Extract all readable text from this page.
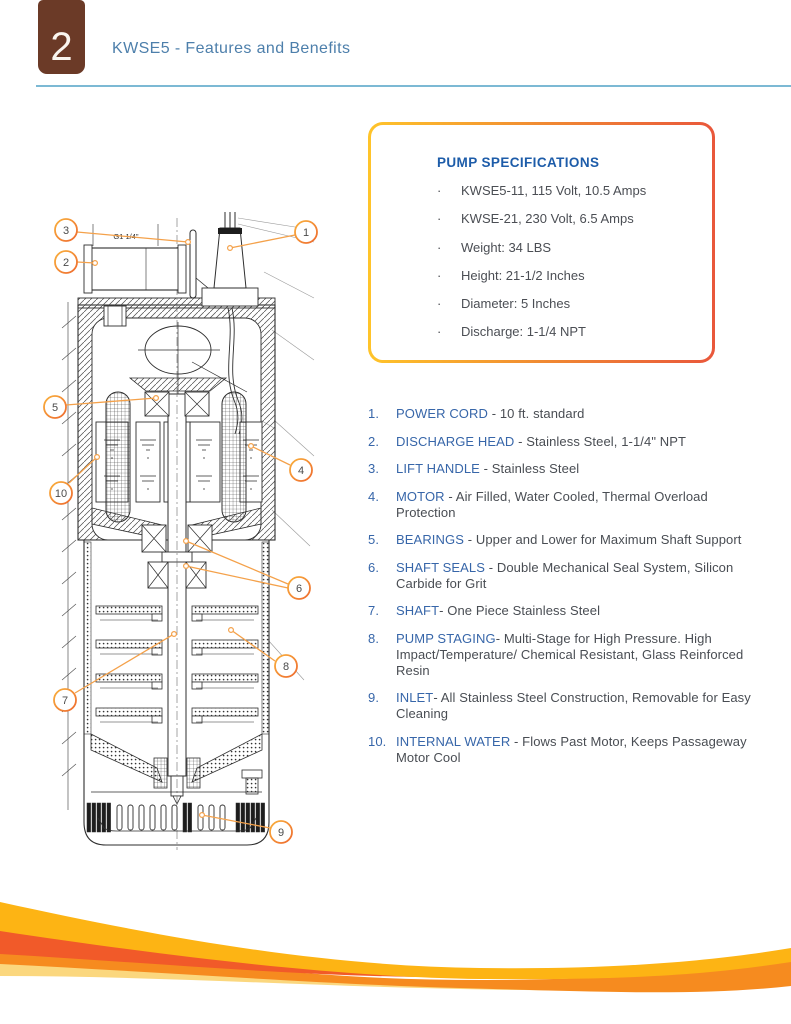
2 KWSE5 - Features and Benefits
G1 1/4"	1
2
3
4
5
6
7
8
9
10
PUMP SPECIFICATIONS
·	KWSE5-11, 115 Volt, 10.5 Amps
·	KWSE-21, 230 Volt, 6.5 Amps
·	Weight: 34 LBS
·	Height: 21-1/2 Inches
·	Diameter: 5 Inches
·	Discharge: 1-1/4 NPT
1.	POWER CORD - 10 ft. standard
2.	DISCHARGE HEAD - Stainless Steel, 1-1/4" NPT
3.	LIFT HANDLE - Stainless Steel
4.	MOTOR - Air Filled, Water Cooled, Thermal Overload Protection
5.	BEARINGS - Upper and Lower for Maximum Shaft Support
6.	SHAFT SEALS - Double Mechanical Seal System, Silicon Carbide for Grit
7.	SHAFT- One Piece Stainless Steel
8.	PUMP STAGING- Multi-Stage for High Pressure. High Impact/Temperature/ Chemical Resistant, Glass Reinforced Resin
9.	INLET- All Stainless Steel Construction, Removable for Easy Cleaning
10. INTERNAL WATER - Flows Past Motor, Keeps Passageway Motor Cool
